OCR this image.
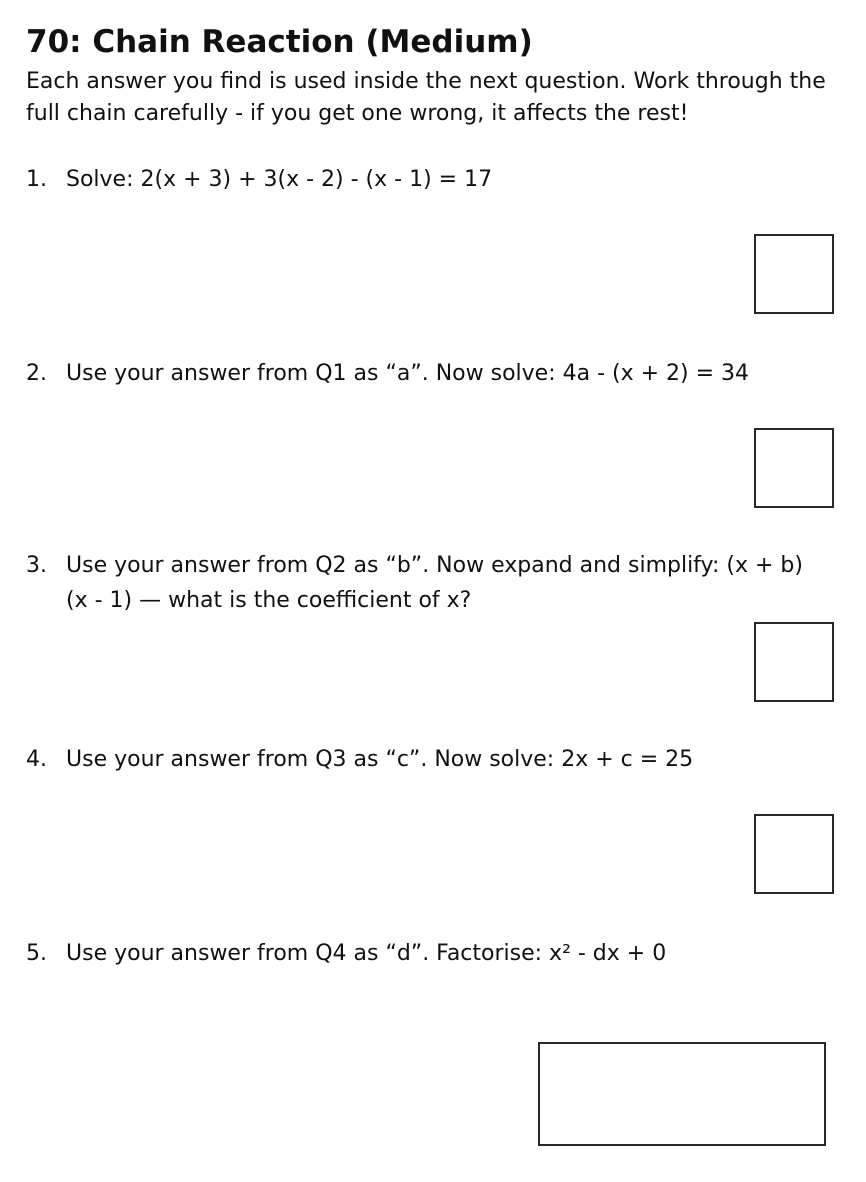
70: Chain Reaction (Medium)

Each answer you find is used inside the next question. Work through the full chain carefully - if you get one wrong, it affects the rest!

1. Solve: 2(x + 3) + 3(x - 2) - (x - 1) = 17
2. Use your answer from Q1 as “a”. Now solve: 4a - (x + 2) = 34
3. Use your answer from Q2 as “b”. Now expand and simplify: (x + b)(x - 1) — what is the coefficient of x?
4. Use your answer from Q3 as “c”. Now solve: 2x + c = 25
5. Use your answer from Q4 as “d”. Factorise: x² - dx + 0
